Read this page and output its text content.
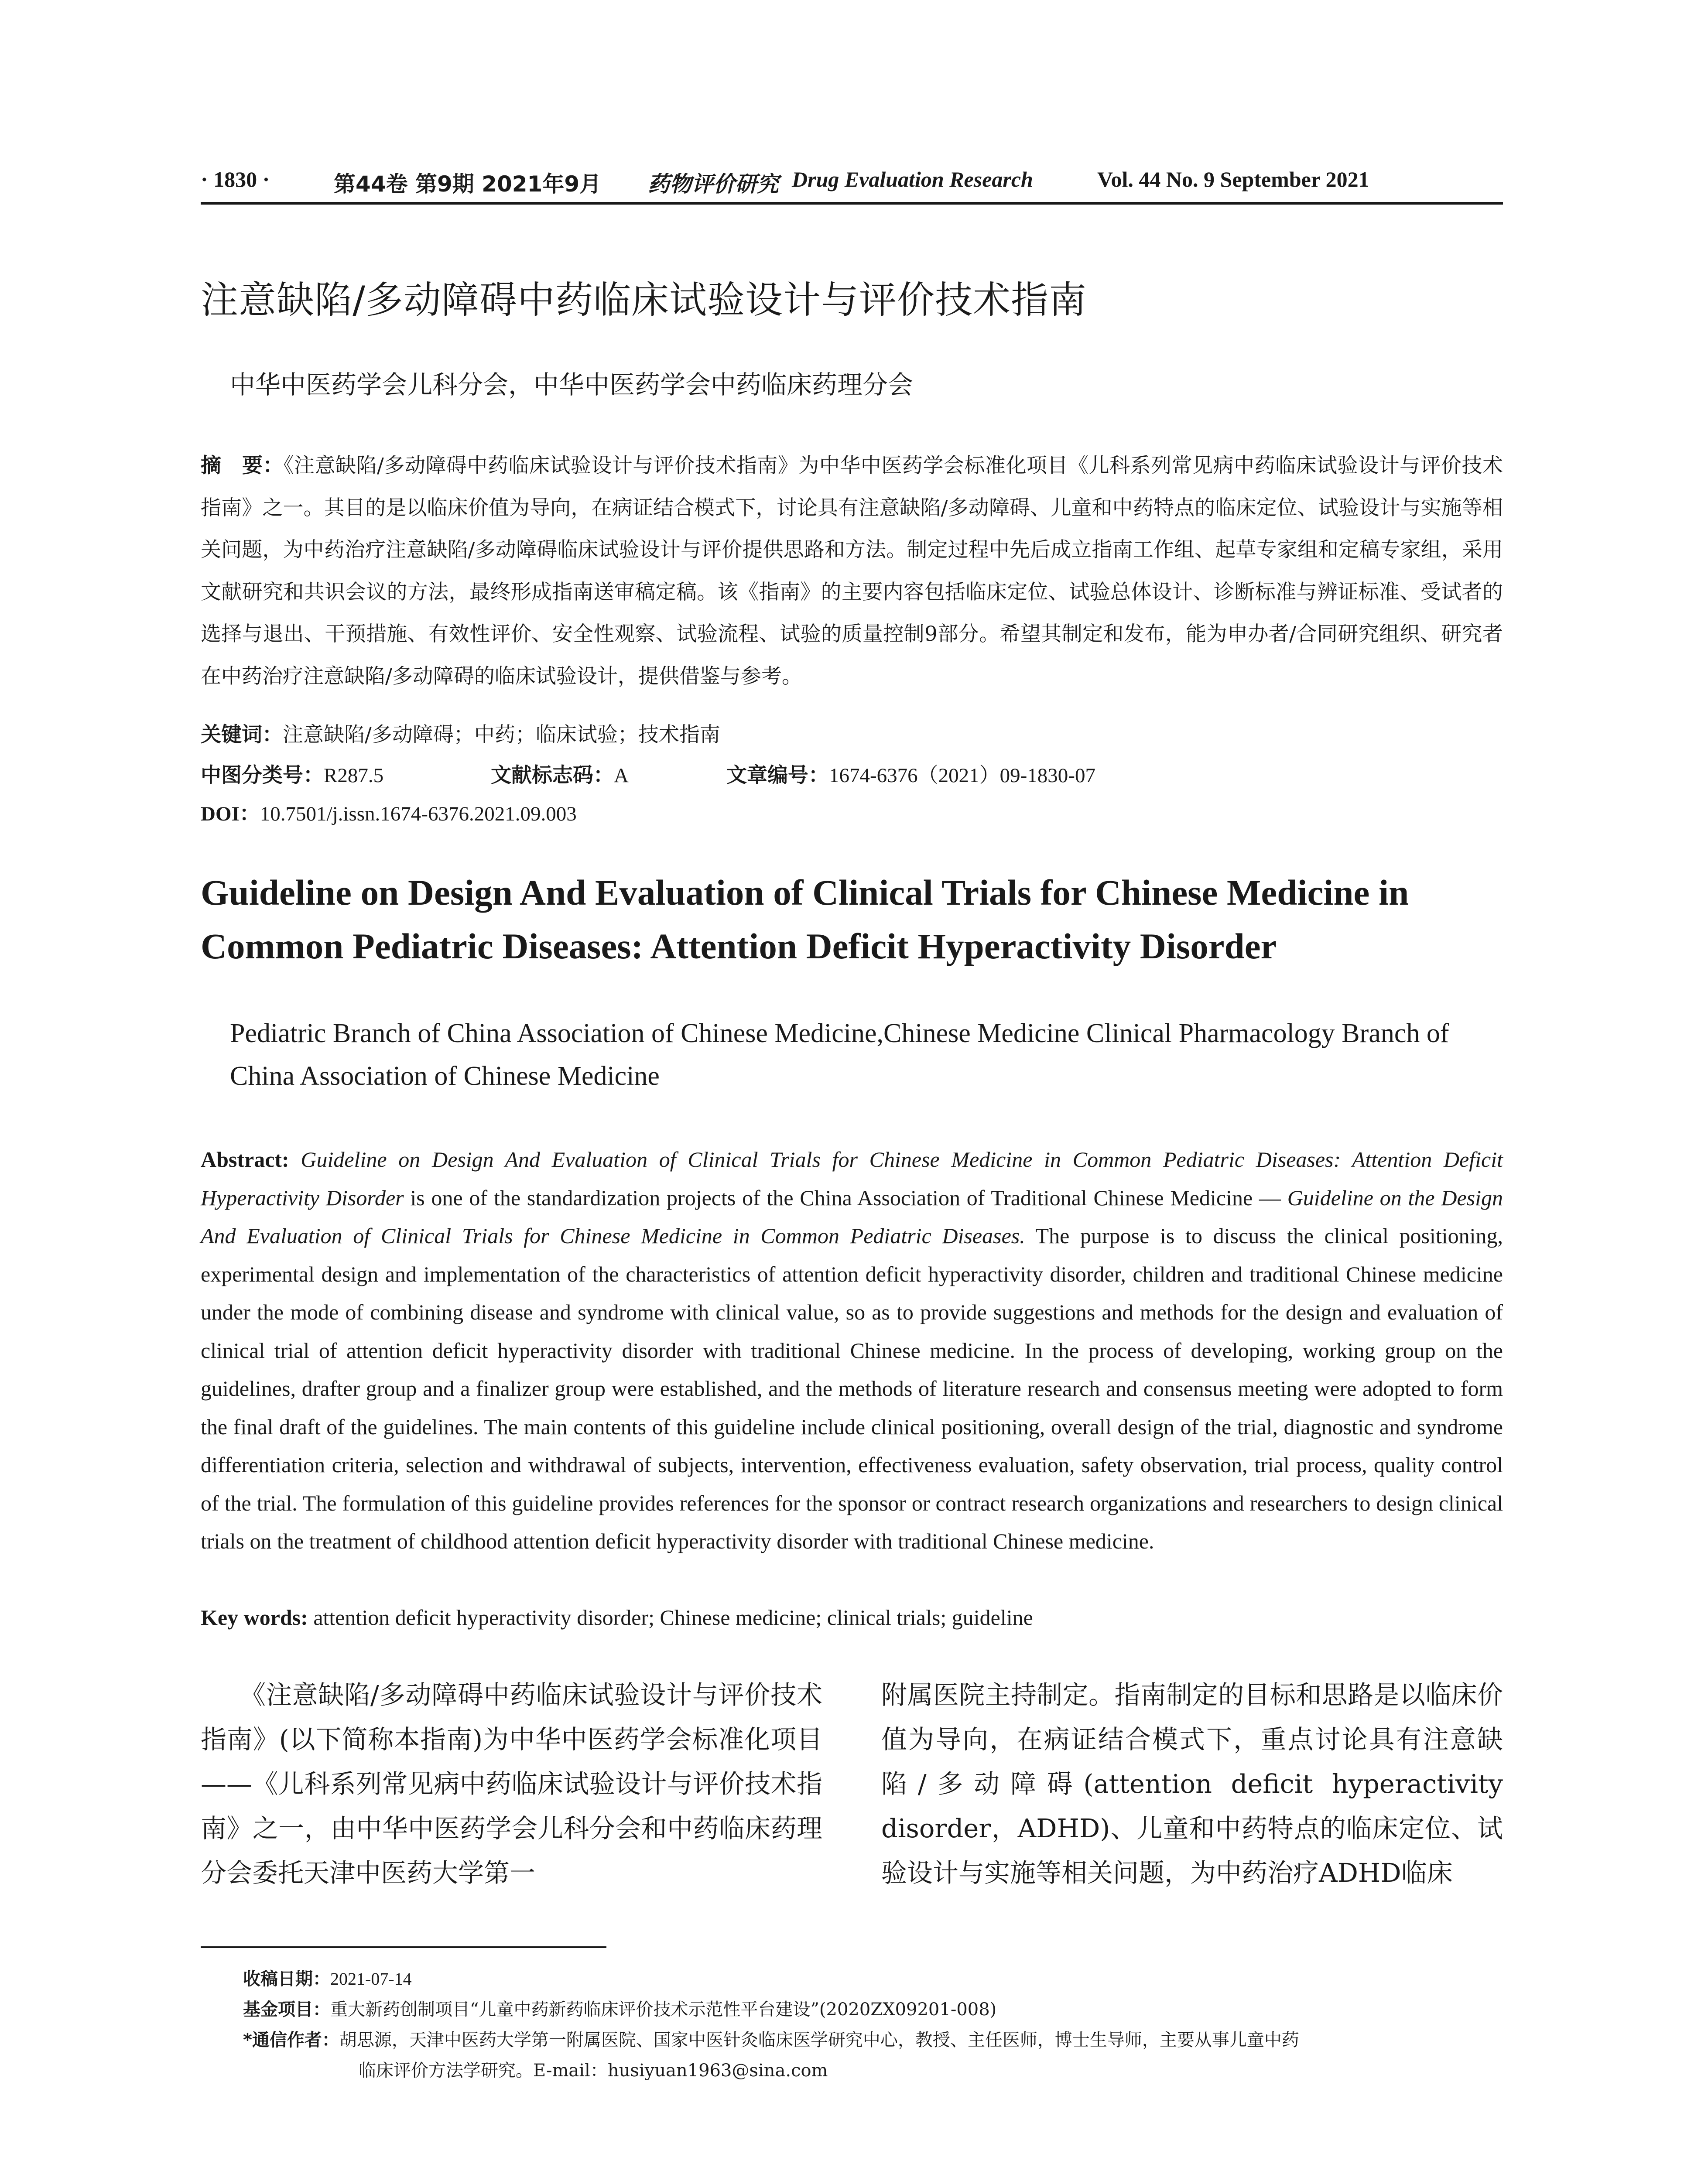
· 1830 ·	第44卷 第9期 2021年9月 药物评价研究 Drug Evaluation Research	Vol. 44 No. 9 September 2021
注意缺陷/多动障碍中药临床试验设计与评价技术指南
中华中医药学会儿科分会，中华中医药学会中药临床药理分会
摘　要：《注意缺陷/多动障碍中药临床试验设计与评价技术指南》为中华中医药学会标准化项目《儿科系列常见病中药临床试验设计与评价技术指南》之一。其目的是以临床价值为导向，在病证结合模式下，讨论具有注意缺陷/多动障碍、儿童和中药特点的临床定位、试验设计与实施等相关问题，为中药治疗注意缺陷/多动障碍临床试验设计与评价提供思路和方法。制定过程中先后成立指南工作组、起草专家组和定稿专家组，采用文献研究和共识会议的方法，最终形成指南送审稿定稿。该《指南》的主要内容包括临床定位、试验总体设计、诊断标准与辨证标准、受试者的选择与退出、干预措施、有效性评价、安全性观察、试验流程、试验的质量控制9部分。希望其制定和发布，能为申办者/合同研究组织、研究者在中药治疗注意缺陷/多动障碍的临床试验设计，提供借鉴与参考。
关键词：注意缺陷/多动障碍；中药；临床试验；技术指南
中图分类号：R287.5	文献标志码：A	文章编号：1674-6376（2021）09-1830-07
DOI：10.7501/j.issn.1674-6376.2021.09.003
Guideline on Design And Evaluation of Clinical Trials for Chinese Medicine in Common Pediatric Diseases: Attention Deficit Hyperactivity Disorder
Pediatric Branch of China Association of Chinese Medicine,Chinese Medicine Clinical Pharmacology Branch of China Association of Chinese Medicine
Abstract: Guideline on Design And Evaluation of Clinical Trials for Chinese Medicine in Common Pediatric Diseases: Attention Deficit Hyperactivity Disorder is one of the standardization projects of the China Association of Traditional Chinese Medicine — Guideline on the Design And Evaluation of Clinical Trials for Chinese Medicine in Common Pediatric Diseases. The purpose is to discuss the clinical positioning, experimental design and implementation of the characteristics of attention deficit hyperactivity disorder, children and traditional Chinese medicine under the mode of combining disease and syndrome with clinical value, so as to provide suggestions and methods for the design and evaluation of clinical trial of attention deficit hyperactivity disorder with traditional Chinese medicine. In the process of developing, working group on the guidelines, drafter group and a finalizer group were established, and the methods of literature research and consensus meeting were adopted to form the final draft of the guidelines. The main contents of this guideline include clinical positioning, overall design of the trial, diagnostic and syndrome differentiation criteria, selection and withdrawal of subjects, intervention, effectiveness evaluation, safety observation, trial process, quality control of the trial. The formulation of this guideline provides references for the sponsor or contract research organizations and researchers to design clinical trials on the treatment of childhood attention deficit hyperactivity disorder with traditional Chinese medicine.
Key words: attention deficit hyperactivity disorder; Chinese medicine; clinical trials; guideline
　　《注意缺陷/多动障碍中药临床试验设计与评价技术指南》(以下简称本指南)为中华中医药学会标准化项目——《儿科系列常见病中药临床试验设计与评价技术指南》之一，由中华中医药学会儿科分会和中药临床药理分会委托天津中医药大学第一
附属医院主持制定。指南制定的目标和思路是以临床价值为导向，在病证结合模式下，重点讨论具有注意缺陷/多动障碍(attention deficit hyperactivity disorder，ADHD)、儿童和中药特点的临床定位、试验设计与实施等相关问题，为中药治疗ADHD临床
收稿日期：2021-07-14
基金项目：重大新药创制项目“儿童中药新药临床评价技术示范性平台建设”(2020ZX09201-008)
*通信作者：胡思源，天津中医药大学第一附属医院、国家中医针灸临床医学研究中心，教授、主任医师，博士生导师，主要从事儿童中药
临床评价方法学研究。E-mail：husiyuan1963@sina.com
